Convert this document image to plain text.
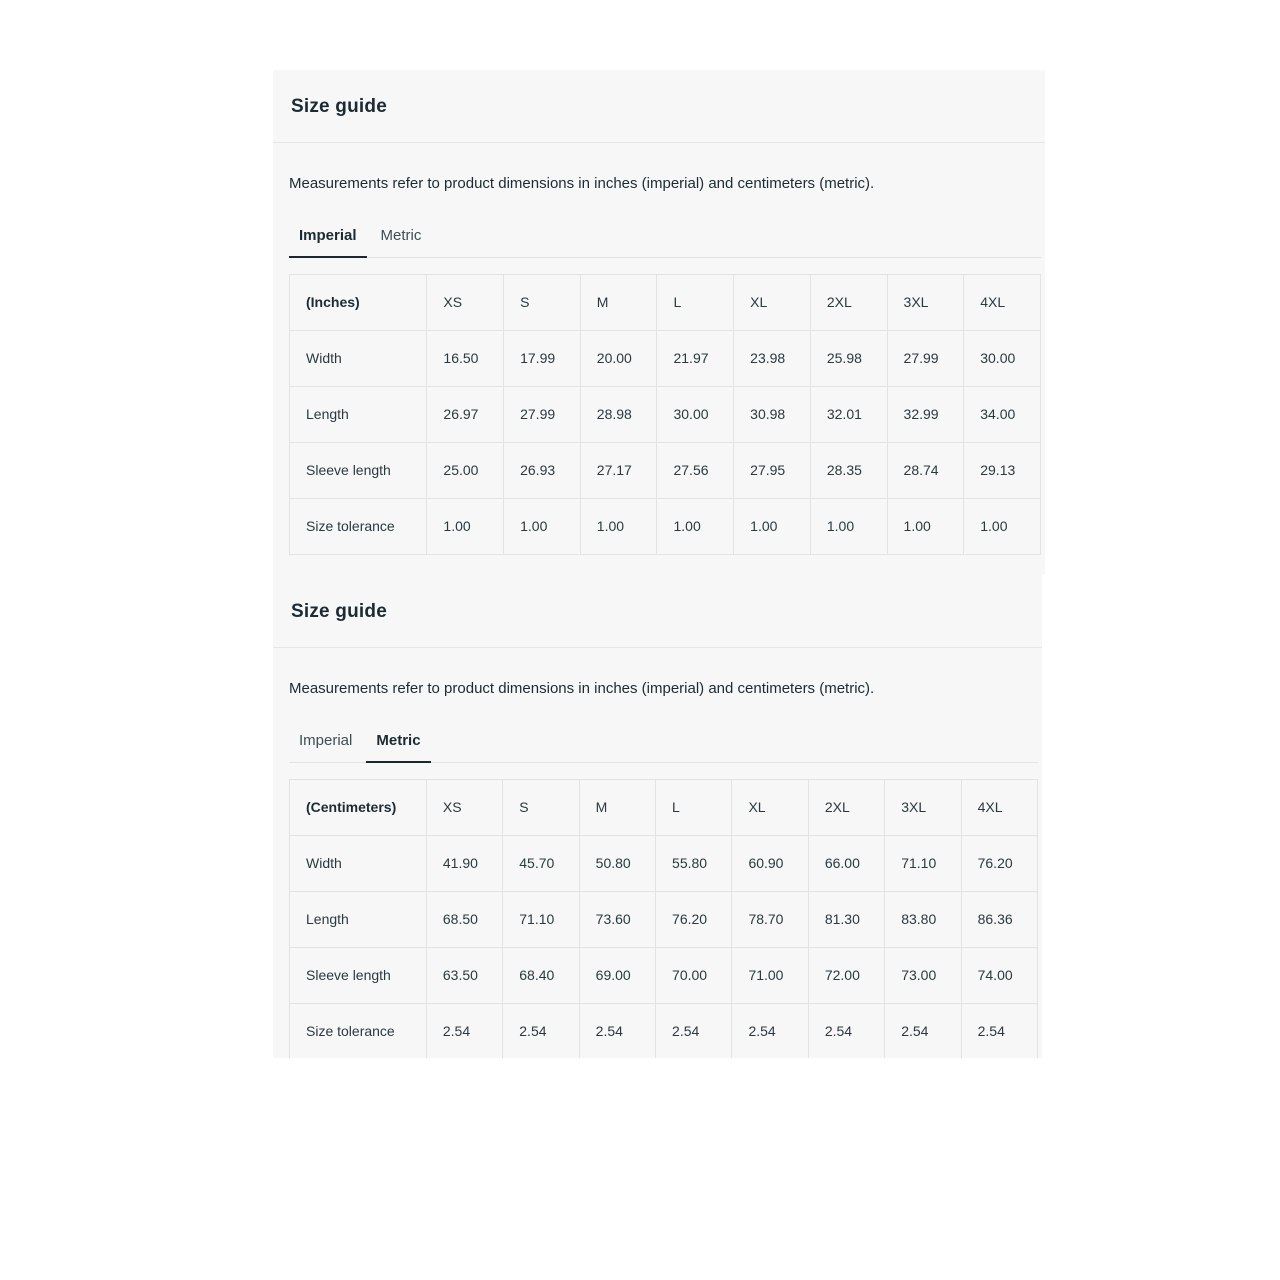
Size guide

Measurements refer to product dimensions in inches (imperial) and centimeters (metric).

Imperial	Metric
(Inches)	XS	S	M	L	XL	2XL	3XL	4XL
Width	16.50	17.99	20.00	21.97	23.98	25.98	27.99	30.00
Length	26.97	27.99	28.98	30.00	30.98	32.01	32.99	34.00
Sleeve length	25.00	26.93	27.17	27.56	27.95	28.35	28.74	29.13
Size tolerance	1.00	1.00	1.00	1.00	1.00	1.00	1.00	1.00
Size guide

Measurements refer to product dimensions in inches (imperial) and centimeters (metric).

Imperial	Metric
(Centimeters)	XS	S	M	L	XL	2XL	3XL	4XL
Width	41.90	45.70	50.80	55.80	60.90	66.00	71.10	76.20
Length	68.50	71.10	73.60	76.20	78.70	81.30	83.80	86.36
Sleeve length	63.50	68.40	69.00	70.00	71.00	72.00	73.00	74.00
Size tolerance	2.54	2.54	2.54	2.54	2.54	2.54	2.54	2.54
